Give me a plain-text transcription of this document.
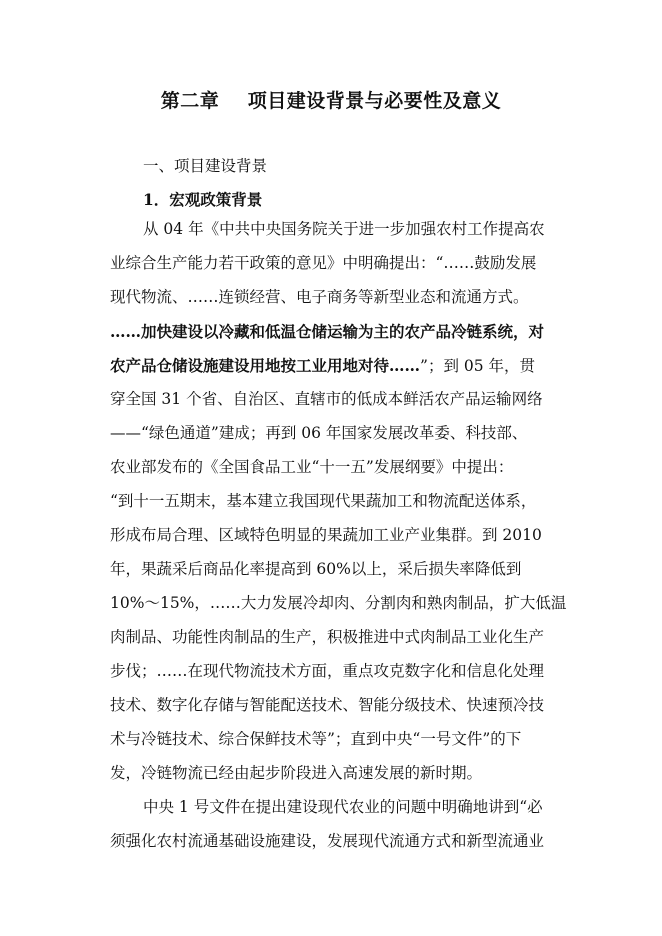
第二章    项目建设背景与必要性及意义
一、项目建设背景
1．宏观政策背景
从 04 年《中共中央国务院关于进一步加强农村工作提高农
业综合生产能力若干政策的意见》中明确提出：“……鼓励发展
现代物流、……连锁经营、电子商务等新型业态和流通方式。
……加快建设以冷藏和低温仓储运输为主的农产品冷链系统，对
农产品仓储设施建设用地按工业用地对待……”；到 05 年，贯
穿全国 31 个省、自治区、直辖市的低成本鲜活农产品运输网络
——“绿色通道”建成；再到 06 年国家发展改革委、科技部、
农业部发布的《全国食品工业“十一五”发展纲要》中提出：
“到十一五期末，基本建立我国现代果蔬加工和物流配送体系，
形成布局合理、区域特色明显的果蔬加工业产业集群。到 2010
年，果蔬采后商品化率提高到 60%以上，采后损失率降低到
10%～15%，……大力发展冷却肉、分割肉和熟肉制品，扩大低温
肉制品、功能性肉制品的生产，积极推进中式肉制品工业化生产
步伐；……在现代物流技术方面，重点攻克数字化和信息化处理
技术、数字化存储与智能配送技术、智能分级技术、快速预冷技
术与冷链技术、综合保鲜技术等”；直到中央“一号文件”的下
发，冷链物流已经由起步阶段进入高速发展的新时期。
中央 1 号文件在提出建设现代农业的问题中明确地讲到“必
须强化农村流通基础设施建设，发展现代流通方式和新型流通业
